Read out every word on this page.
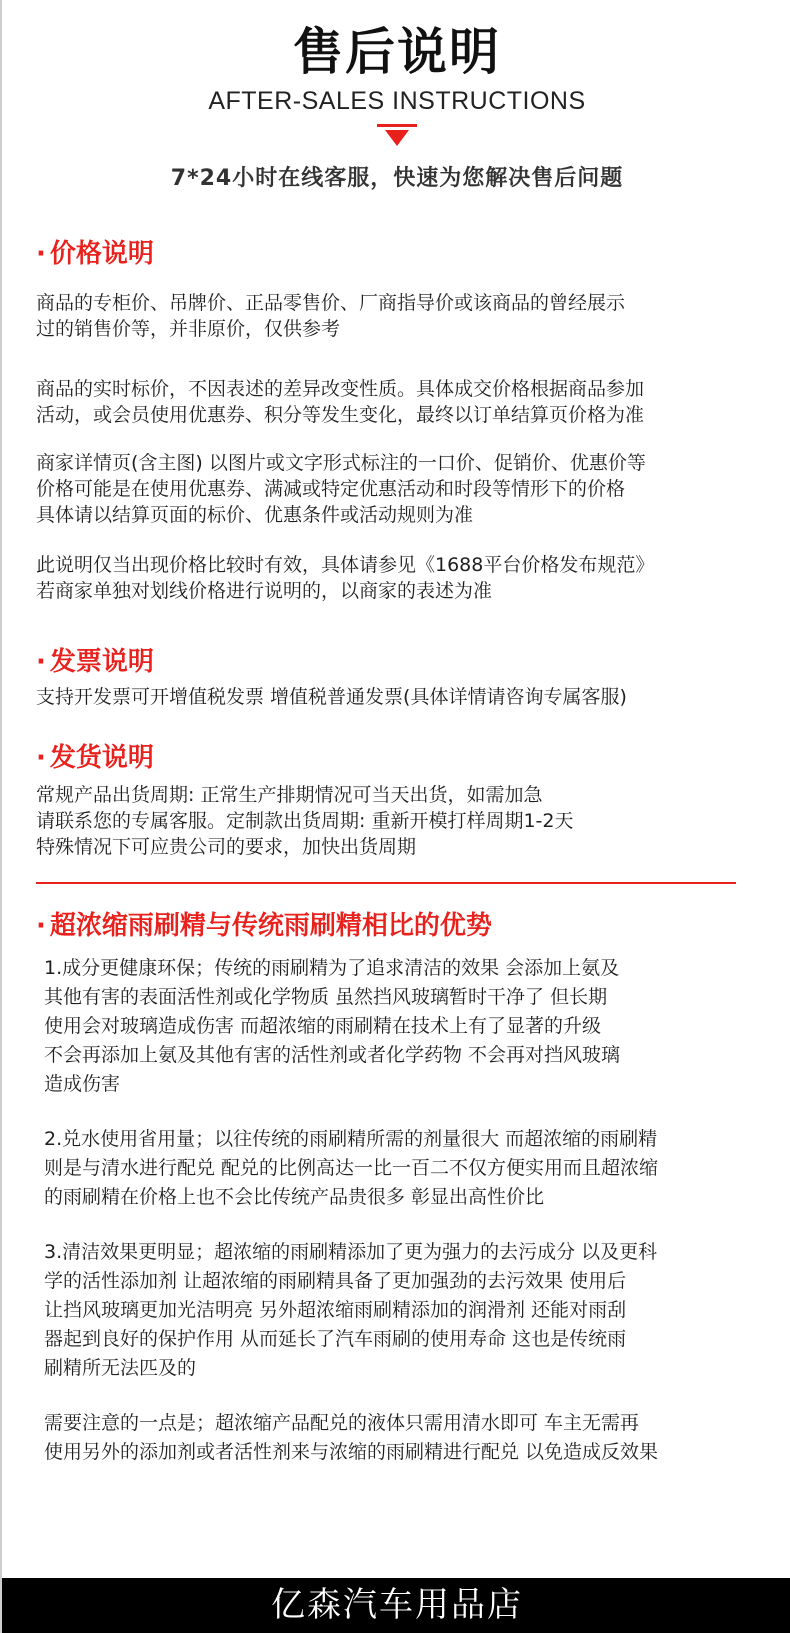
售后说明
AFTER-SALES INSTRUCTIONS
7*24小时在线客服，快速为您解决售后问题
· 价格说明

商品的专柜价、吊牌价、正品零售价、厂商指导价或该商品的曾经展示
过的销售价等，并非原价，仅供参考

商品的实时标价，不因表述的差异改变性质。具体成交价格根据商品参加
活动，或会员使用优惠券、积分等发生变化，最终以订单结算页价格为准

商家详情页(含主图) 以图片或文字形式标注的一口价、促销价、优惠价等
价格可能是在使用优惠券、满减或特定优惠活动和时段等情形下的价格
具体请以结算页面的标价、优惠条件或活动规则为准

此说明仅当出现价格比较时有效，具体请参见《1688平台价格发布规范》
若商家单独对划线价格进行说明的，以商家的表述为准

· 发票说明

支持开发票可开增值税发票 增值税普通发票(具体详情请咨询专属客服)

· 发货说明

常规产品出货周期: 正常生产排期情况可当天出货，如需加急
请联系您的专属客服。定制款出货周期: 重新开模打样周期1-2天
特殊情况下可应贵公司的要求，加快出货周期

· 超浓缩雨刷精与传统雨刷精相比的优势

1.成分更健康环保；传统的雨刷精为了追求清洁的效果 会添加上氨及
其他有害的表面活性剂或化学物质 虽然挡风玻璃暂时干净了 但长期
使用会对玻璃造成伤害 而超浓缩的雨刷精在技术上有了显著的升级
不会再添加上氨及其他有害的活性剂或者化学药物 不会再对挡风玻璃
造成伤害

2.兑水使用省用量；以往传统的雨刷精所需的剂量很大 而超浓缩的雨刷精
则是与清水进行配兑 配兑的比例高达一比一百二不仅方便实用而且超浓缩
的雨刷精在价格上也不会比传统产品贵很多 彰显出高性价比

3.清洁效果更明显；超浓缩的雨刷精添加了更为强力的去污成分 以及更科
学的活性添加剂 让超浓缩的雨刷精具备了更加强劲的去污效果 使用后
让挡风玻璃更加光洁明亮 另外超浓缩雨刷精添加的润滑剂 还能对雨刮
器起到良好的保护作用 从而延长了汽车雨刷的使用寿命 这也是传统雨
刷精所无法匹及的

需要注意的一点是；超浓缩产品配兑的液体只需用清水即可 车主无需再
使用另外的添加剂或者活性剂来与浓缩的雨刷精进行配兑 以免造成反效果

亿森汽车用品店
